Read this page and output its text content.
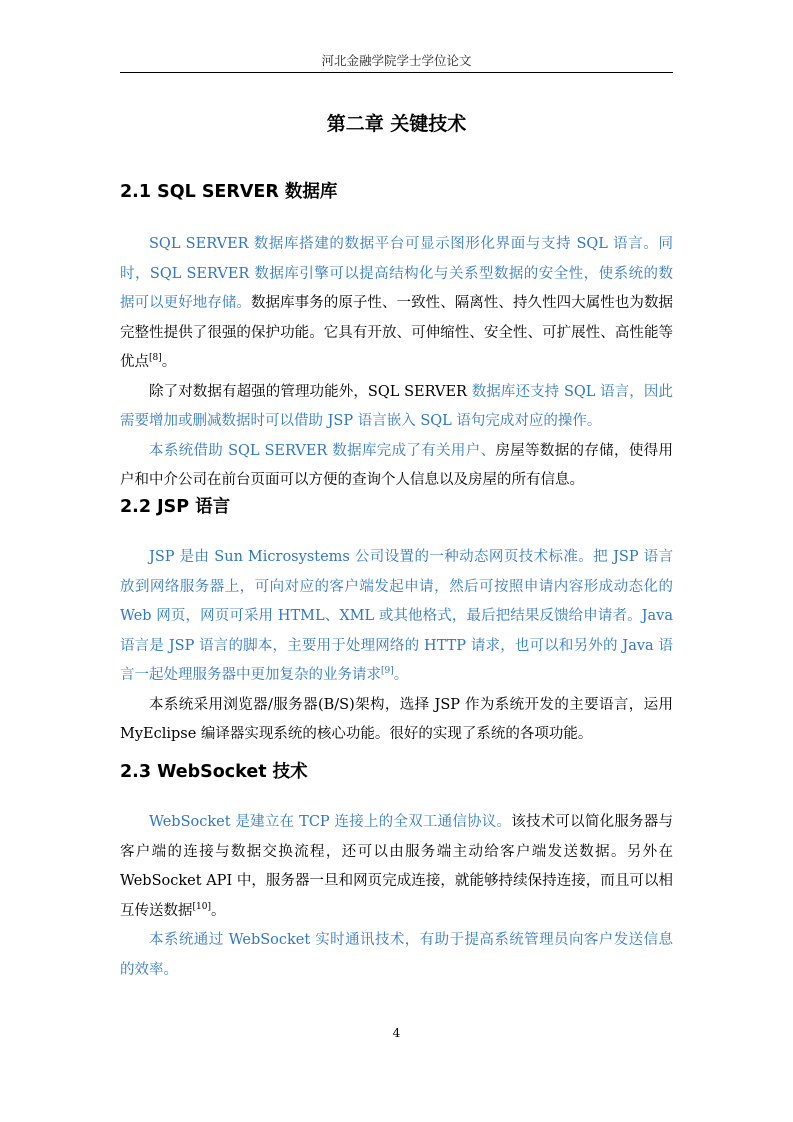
河北金融学院学士学位论文
第二章 关键技术
2.1 SQL SERVER 数据库

SQL SERVER 数据库搭建的数据平台可显示图形化界面与支持 SQL 语言。同时，SQL SERVER 数据库引擎可以提高结构化与关系型数据的安全性，使系统的数据可以更好地存储。数据库事务的原子性、一致性、隔离性、持久性四大属性也为数据完整性提供了很强的保护功能。它具有开放、可伸缩性、安全性、可扩展性、高性能等优点[8]。

除了对数据有超强的管理功能外，SQL SERVER 数据库还支持 SQL 语言，因此需要增加或删减数据时可以借助 JSP 语言嵌入 SQL 语句完成对应的操作。

本系统借助 SQL SERVER 数据库完成了有关用户、房屋等数据的存储，使得用户和中介公司在前台页面可以方便的查询个人信息以及房屋的所有信息。

2.2 JSP 语言

JSP 是由 Sun Microsystems 公司设置的一种动态网页技术标准。把 JSP 语言放到网络服务器上，可向对应的客户端发起申请，然后可按照申请内容形成动态化的 Web 网页，网页可采用 HTML、XML 或其他格式，最后把结果反馈给申请者。Java 语言是 JSP 语言的脚本，主要用于处理网络的 HTTP 请求，也可以和另外的 Java 语言一起处理服务器中更加复杂的业务请求[9]。

本系统采用浏览器/服务器(B/S)架构，选择 JSP 作为系统开发的主要语言，运用 MyEclipse 编译器实现系统的核心功能。很好的实现了系统的各项功能。

2.3 WebSocket 技术

WebSocket 是建立在 TCP 连接上的全双工通信协议。该技术可以简化服务器与客户端的连接与数据交换流程，还可以由服务端主动给客户端发送数据。另外在 WebSocket API 中，服务器一旦和网页完成连接，就能够持续保持连接，而且可以相互传送数据[10]。

本系统通过 WebSocket 实时通讯技术，有助于提高系统管理员向客户发送信息的效率。

4
